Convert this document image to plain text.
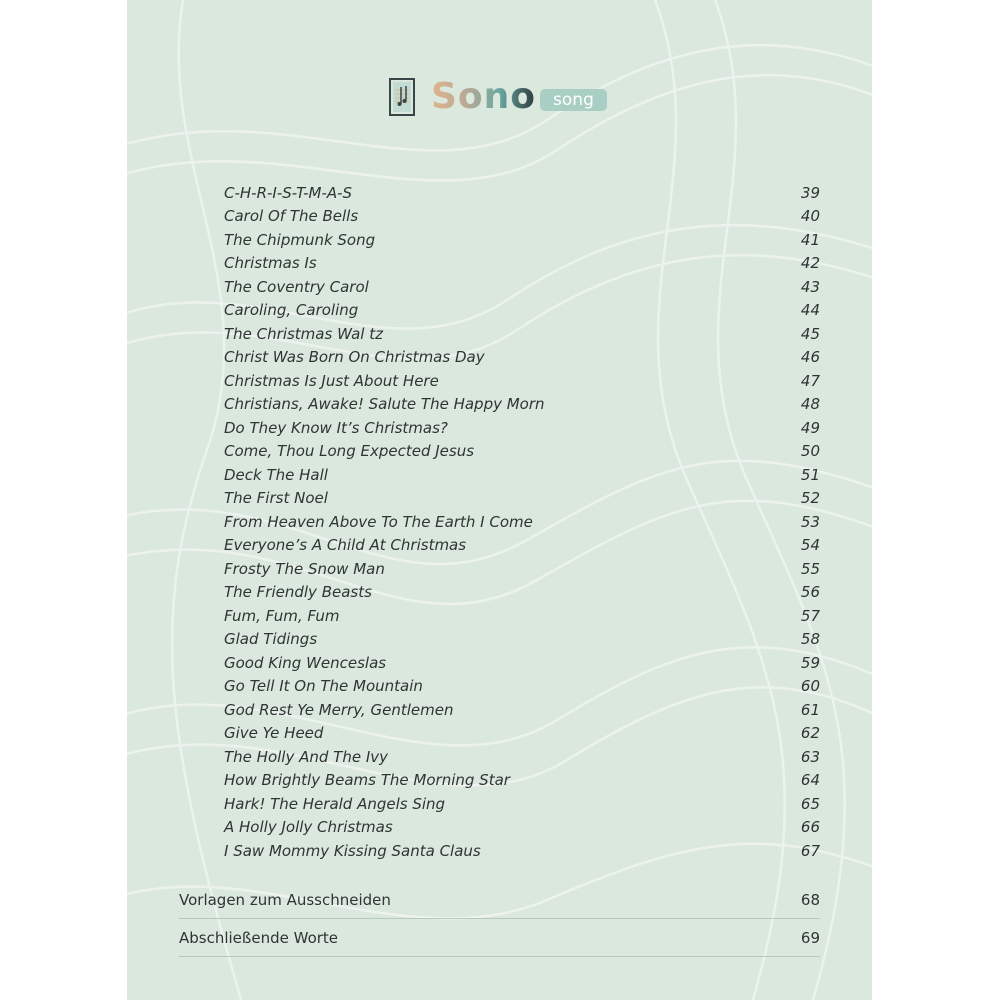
Sono	song
C-H-R-I-S-T-M-A-S	39
Carol Of The Bells	40
The Chipmunk Song	41
Christmas Is	42
The Coventry Carol	43
Caroling, Caroling	44
The Christmas Wal tz	45
Christ Was Born On Christmas Day	46
Christmas Is Just About Here	47
Christians, Awake! Salute The Happy Morn	48
Do They Know It’s Christmas?	49
Come, Thou Long Expected Jesus	50
Deck The Hall	51
The First Noel	52
From Heaven Above To The Earth I Come	53
Everyone’s A Child At Christmas	54
Frosty The Snow Man	55
The Friendly Beasts	56
Fum, Fum, Fum	57
Glad Tidings	58
Good King Wenceslas	59
Go Tell It On The Mountain	60
God Rest Ye Merry, Gentlemen	61
Give Ye Heed	62
The Holly And The Ivy	63
How Brightly Beams The Morning Star	64
Hark! The Herald Angels Sing	65
A Holly Jolly Christmas	66
I Saw Mommy Kissing Santa Claus	67
Vorlagen zum Ausschneiden	68
Abschließende Worte	69
